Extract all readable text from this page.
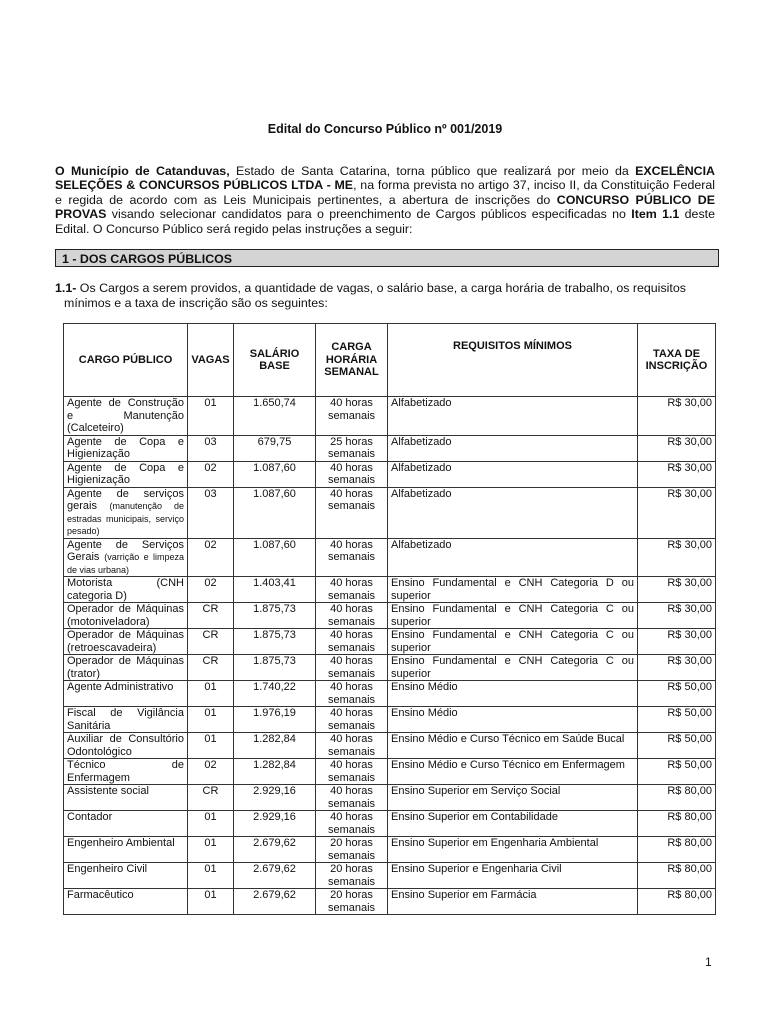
Edital do Concurso Público nº 001/2019
O Município de Catanduvas, Estado de Santa Catarina, torna público que realizará por meio da EXCELÊNCIA SELEÇÕES & CONCURSOS PÚBLICOS LTDA - ME, na forma prevista no artigo 37, inciso II, da Constituição Federal e regida de acordo com as Leis Municipais pertinentes, a abertura de inscrições do CONCURSO PÚBLICO DE PROVAS visando selecionar candidatos para o preenchimento de Cargos públicos especificadas no Item 1.1 deste Edital. O Concurso Público será regido pelas instruções a seguir:
1 - DOS CARGOS PÚBLICOS
1.1- Os Cargos a serem providos, a quantidade de vagas, o salário base, a carga horária de trabalho, os requisitos
mínimos e a taxa de inscrição são os seguintes:
CARGO PÚBLICO	VAGAS	SALÁRIO BASE	CARGA HORÁRIA SEMANAL	REQUISITOS MÍNIMOS	TAXA DE INSCRIÇÃO
Agente de Construção e Manutenção (Calceteiro)	01	1.650,74	40 horas semanais	Alfabetizado	R$ 30,00
Agente de Copa e Higienização	03	679,75	25 horas semanais	Alfabetizado	R$ 30,00
Agente de Copa e Higienização	02	1.087,60	40 horas semanais	Alfabetizado	R$ 30,00
Agente de serviços gerais (manutenção de estradas municipais, serviço pesado)	03	1.087,60	40 horas semanais	Alfabetizado	R$ 30,00
Agente de Serviços Gerais (varrição e limpeza de vias urbana)	02	1.087,60	40 horas semanais	Alfabetizado	R$ 30,00
Motorista (CNH categoria D)	02	1.403,41	40 horas semanais	Ensino Fundamental e CNH Categoria D ou superior	R$ 30,00
Operador de Máquinas (motoniveladora)	CR	1.875,73	40 horas semanais	Ensino Fundamental e CNH Categoria C ou superior	R$ 30,00
Operador de Máquinas (retroescavadeira)	CR	1.875,73	40 horas semanais	Ensino Fundamental e CNH Categoria C ou superior	R$ 30,00
Operador de Máquinas (trator)	CR	1.875,73	40 horas semanais	Ensino Fundamental e CNH Categoria C ou superior	R$ 30,00
Agente Administrativo	01	1.740,22	40 horas semanais	Ensino Médio	R$ 50,00
Fiscal de Vigilância Sanitária	01	1.976,19	40 horas semanais	Ensino Médio	R$ 50,00
Auxiliar de Consultório Odontológico	01	1.282,84	40 horas semanais	Ensino Médio e Curso Técnico em Saúde Bucal	R$ 50,00
Técnico de Enfermagem	02	1.282,84	40 horas semanais	Ensino Médio e Curso Técnico em Enfermagem	R$ 50,00
Assistente social	CR	2.929,16	40 horas semanais	Ensino Superior em Serviço Social	R$ 80,00
Contador	01	2.929,16	40 horas semanais	Ensino Superior em Contabilidade	R$ 80,00
Engenheiro Ambiental	01	2.679,62	20 horas semanais	Ensino Superior em Engenharia Ambiental	R$ 80,00
Engenheiro Civil	01	2.679,62	20 horas semanais	Ensino Superior e Engenharia Civil	R$ 80,00
Farmacêutico	01	2.679,62	20 horas semanais	Ensino Superior em Farmácia	R$ 80,00
1
